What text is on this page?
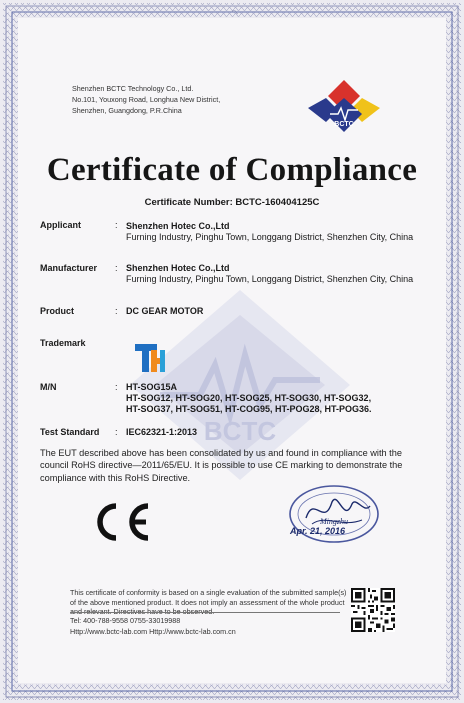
BCTC
Shenzhen BCTC Technology Co., Ltd.
No.101, Youxong Road, Longhua New District,
Shenzhen, Guangdong, P.R.China
BCTC
Certificate of Compliance
Certificate Number: BCTC-160404125C
Applicant	: Shenzhen Hotec Co.,Ltd
Furning Industry, Pinghu Town, Longgang District, Shenzhen City, China
Manufacturer : Shenzhen Hotec Co.,Ltd
Furning Industry, Pinghu Town, Longgang District, Shenzhen City, China
Product	: DC GEAR MOTOR
Trademark
M/N	: HT-SOG15A
HT-SOG12, HT-SOG20, HT-SOG25, HT-SOG30, HT-SOG32,
HT-SOG37, HT-SOG51, HT-COG95, HT-POG28, HT-POG36.
Test Standard : IEC62321-1:2013
The EUT described above has been consolidated by us and found in compliance with the council RoHS directive—2011/65/EU. It is possible to use CE marking to demonstrate the compliance with this RoHS Directive.
Mingzhu
Apr. 21, 2016
This certificate of conformity is based on a single evaluation of the submitted sample(s) of the above mentioned product. It does not imply an assessment of the whole product and relevant. Directives have to be observed.
Tel: 400-788-9558 0755-33019988
Http://www.bctc-lab.com Http://www.bctc-lab.com.cn
